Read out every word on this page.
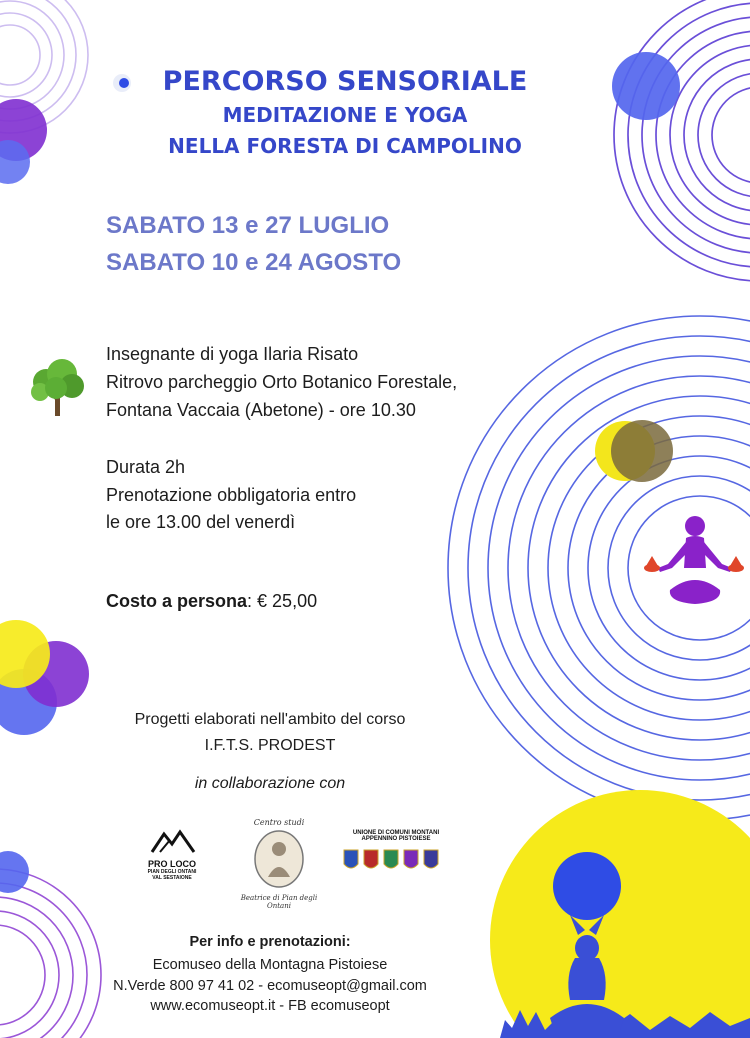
PERCORSO SENSORIALE
MEDITAZIONE E YOGA
NELLA FORESTA DI CAMPOLINO
SABATO 13 e 27 LUGLIO
SABATO 10 e 24 AGOSTO
Insegnante di yoga Ilaria Risato
Ritrovo parcheggio Orto Botanico Forestale,
Fontana Vaccaia (Abetone) - ore 10.30
Durata 2h
Prenotazione obbligatoria entro
le ore 13.00 del venerdì
Costo a persona: € 25,00
Progetti elaborati nell'ambito del corso
I.F.T.S. PRODEST
in collaborazione con
PRO LOCO
PIAN DEGLI ONTANI
VAL SESTAIONE
Centro studi
Beatrice di Pian degli Ontani
UNIONE DI COMUNI MONTANI
APPENNINO PISTOIESE
Per info e prenotazioni:
Ecomuseo della Montagna Pistoiese
N.Verde 800 97 41 02 - ecomuseopt@gmail.com
www.ecomuseopt.it - FB ecomuseopt
